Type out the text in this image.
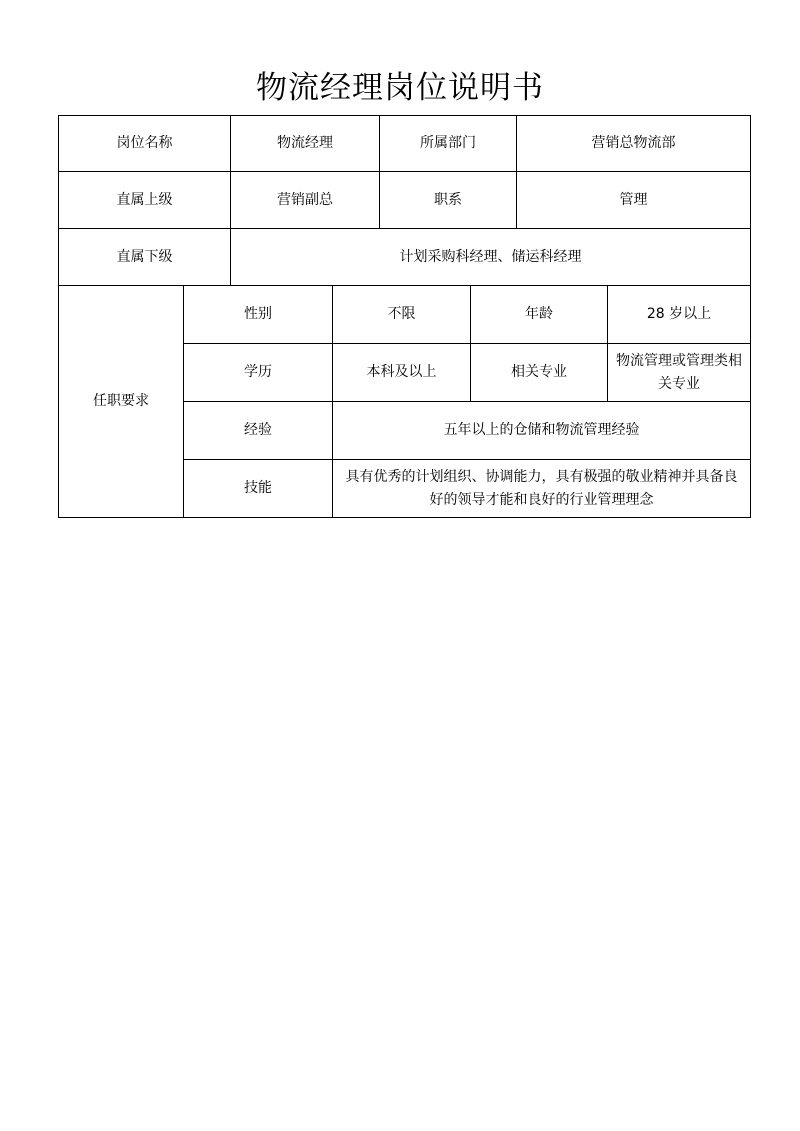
物流经理岗位说明书
岗位名称		物流经理		所属部门		营销总物流部	
直属上级		营销副总		职系		管理	
直属下级		计划采购科经理、储运科经理					
任职要求	性别		不限		年龄		28 岁以上
	学历		本科及以上		相关专业		物流管理或管理类相关专业
	经验		五年以上的仓储和物流管理经验				
	技能		具有优秀的计划组织、协调能力，具有极强的敬业精神并具备良好的领导才能和良好的行业管理理念				
